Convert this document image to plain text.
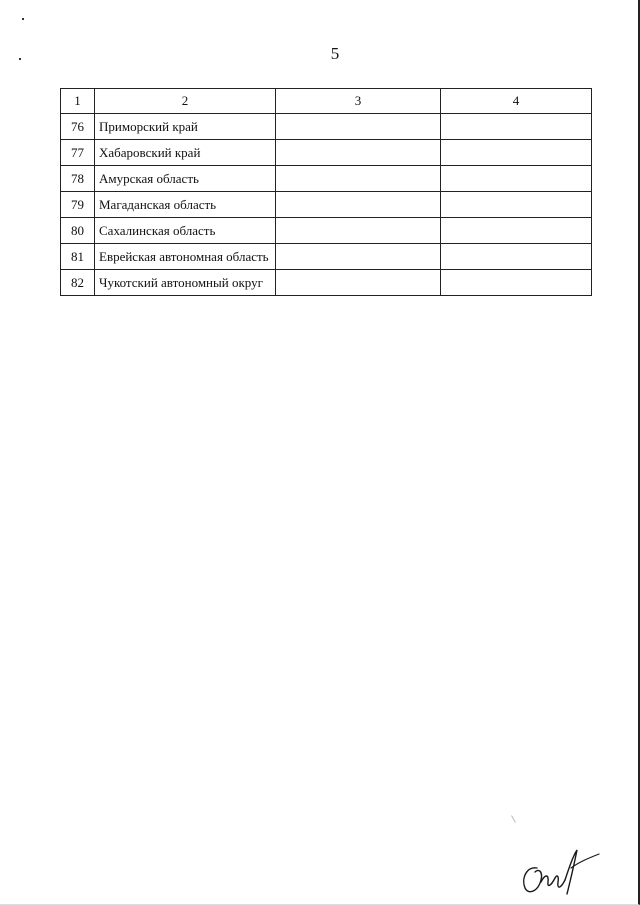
5
1	2	3	4
76	Приморский край		
77	Хабаровский край		
78	Амурская область		
79	Магаданская область		
80	Сахалинская область		
81	Еврейская автономная область		
82	Чукотский автономный округ		
